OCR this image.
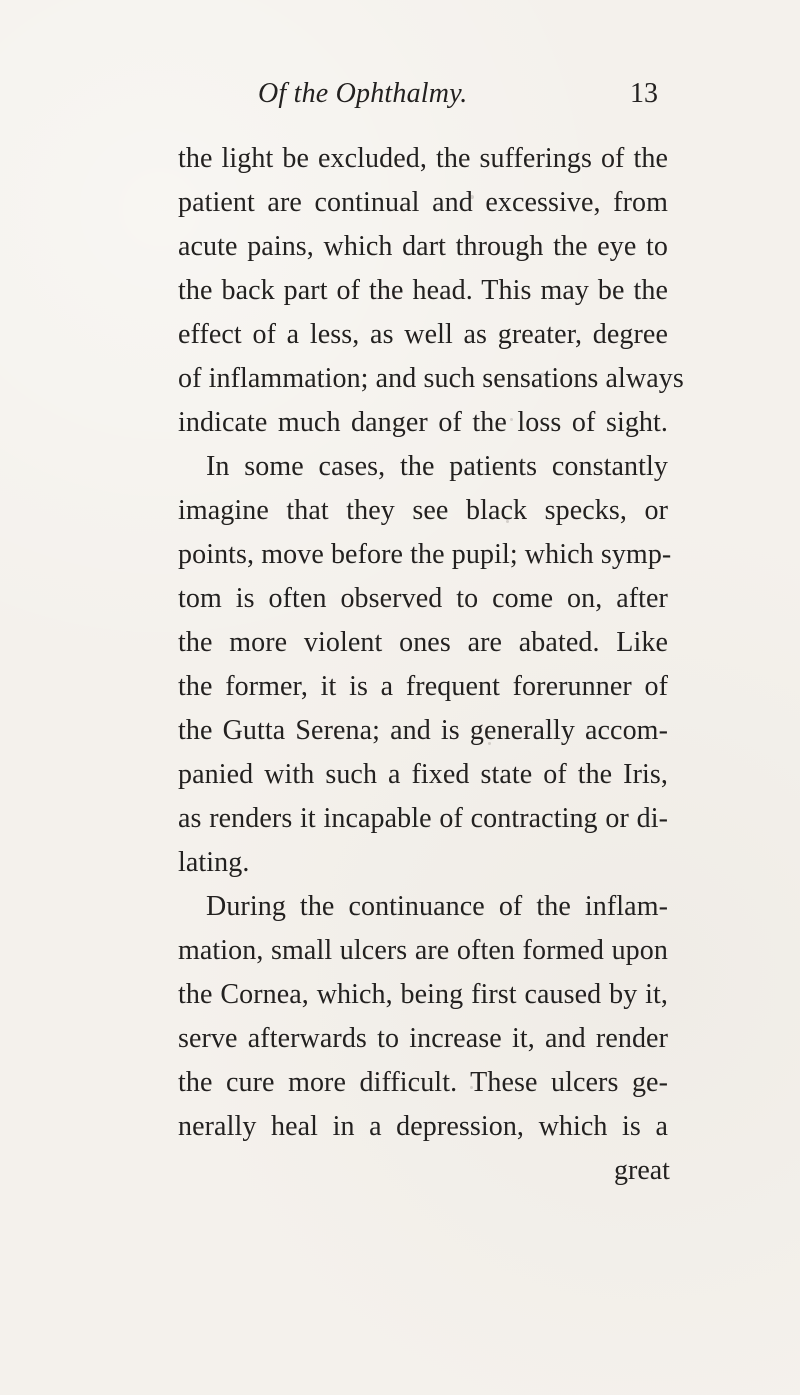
Of the Ophthalmy.	13
the light be excluded, the sufferings of the
patient are continual and excessive, from
acute pains, which dart through the eye to
the back part of the head. This may be the
effect of a less, as well as greater, degree
of inflammation; and such sensations always
indicate much danger of the loss of sight.
In some cases, the patients constantly
imagine that they see black specks, or
points, move before the pupil; which symp-
tom is often observed to come on, after
the more violent ones are abated. Like
the former, it is a frequent forerunner of
the Gutta Serena; and is generally accom-
panied with such a fixed state of the Iris,
as renders it incapable of contracting or di-
lating.
During the continuance of the inflam-
mation, small ulcers are often formed upon
the Cornea, which, being first caused by it,
serve afterwards to increase it, and render
the cure more difficult. These ulcers ge-
nerally heal in a depression, which is a
great
